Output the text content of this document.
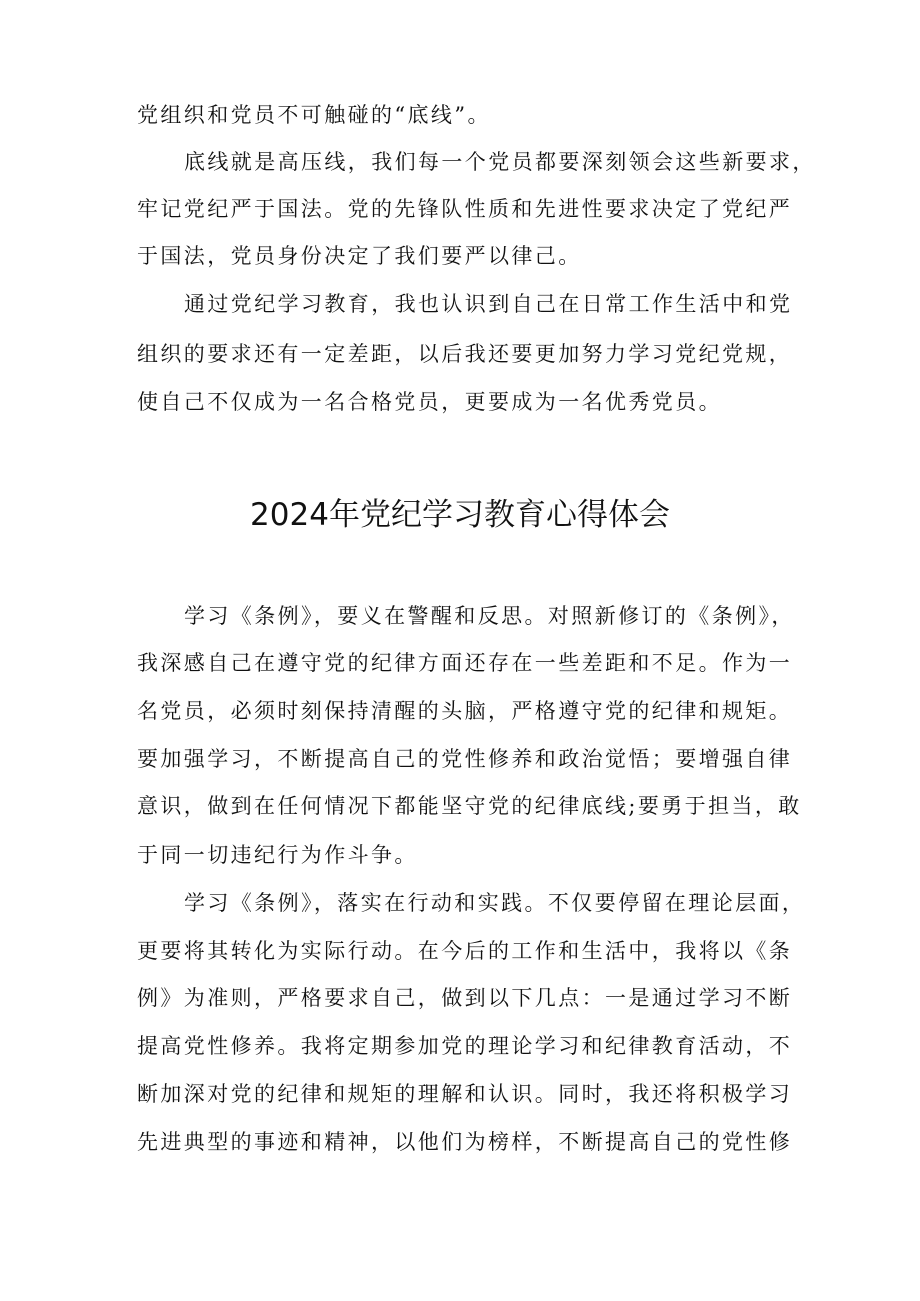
党组织和党员不可触碰的“底线”。
底线就是高压线，我们每一个党员都要深刻领会这些新要求，
牢记党纪严于国法。党的先锋队性质和先进性要求决定了党纪严
于国法，党员身份决定了我们要严以律己。
通过党纪学习教育，我也认识到自己在日常工作生活中和党
组织的要求还有一定差距，以后我还要更加努力学习党纪党规，
使自己不仅成为一名合格党员，更要成为一名优秀党员。
2024年党纪学习教育心得体会
学习《条例》，要义在警醒和反思。对照新修订的《条例》，
我深感自己在遵守党的纪律方面还存在一些差距和不足。作为一
名党员，必须时刻保持清醒的头脑，严格遵守党的纪律和规矩。
要加强学习，不断提高自己的党性修养和政治觉悟；要增强自律
意识，做到在任何情况下都能坚守党的纪律底线;要勇于担当，敢
于同一切违纪行为作斗争。
学习《条例》，落实在行动和实践。不仅要停留在理论层面，
更要将其转化为实际行动。在今后的工作和生活中，我将以《条
例》为准则，严格要求自己，做到以下几点：一是通过学习不断
提高党性修养。我将定期参加党的理论学习和纪律教育活动，不
断加深对党的纪律和规矩的理解和认识。同时，我还将积极学习
先进典型的事迹和精神，以他们为榜样，不断提高自己的党性修
